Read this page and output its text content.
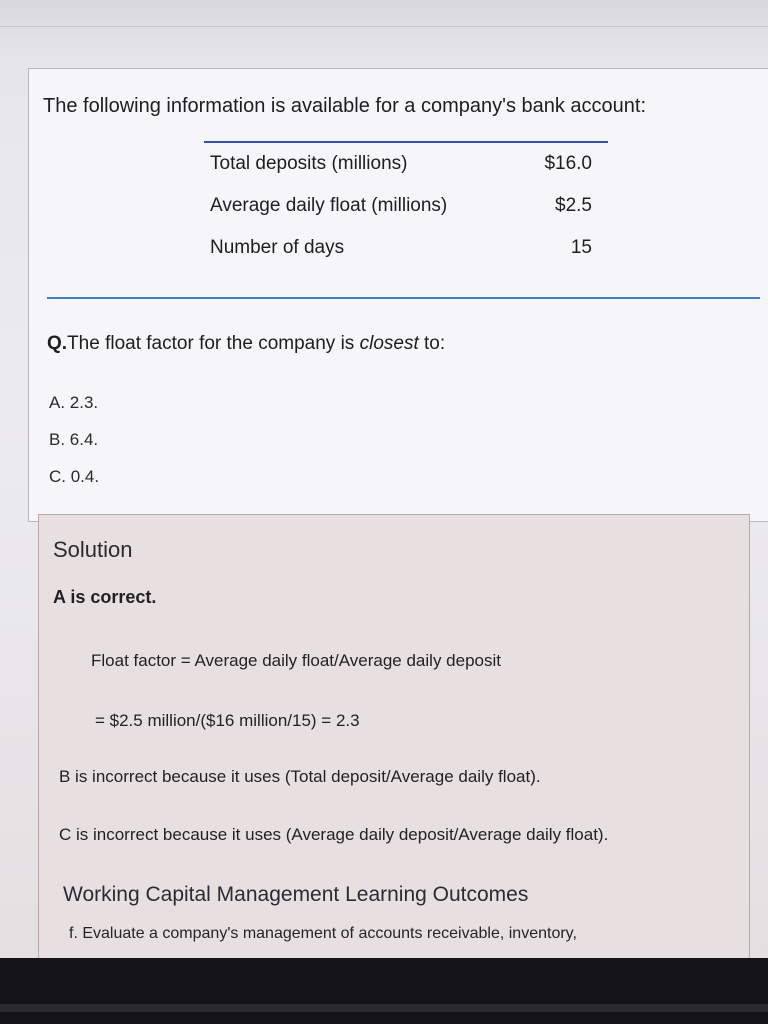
The following information is available for a company's bank account:

Total deposits (millions)	$16.0
Average daily float (millions)	$2.5
Number of days	15

Q.The float factor for the company is closest to:

A. 2.3.
B. 6.4.
C. 0.4.
Solution

A is correct.

Float factor = Average daily float/Average daily deposit

= $2.5 million/($16 million/15) = 2.3

B is incorrect because it uses (Total deposit/Average daily float).

C is incorrect because it uses (Average daily deposit/Average daily float).

Working Capital Management Learning Outcomes

f. Evaluate a company's management of accounts receivable, inventory,
